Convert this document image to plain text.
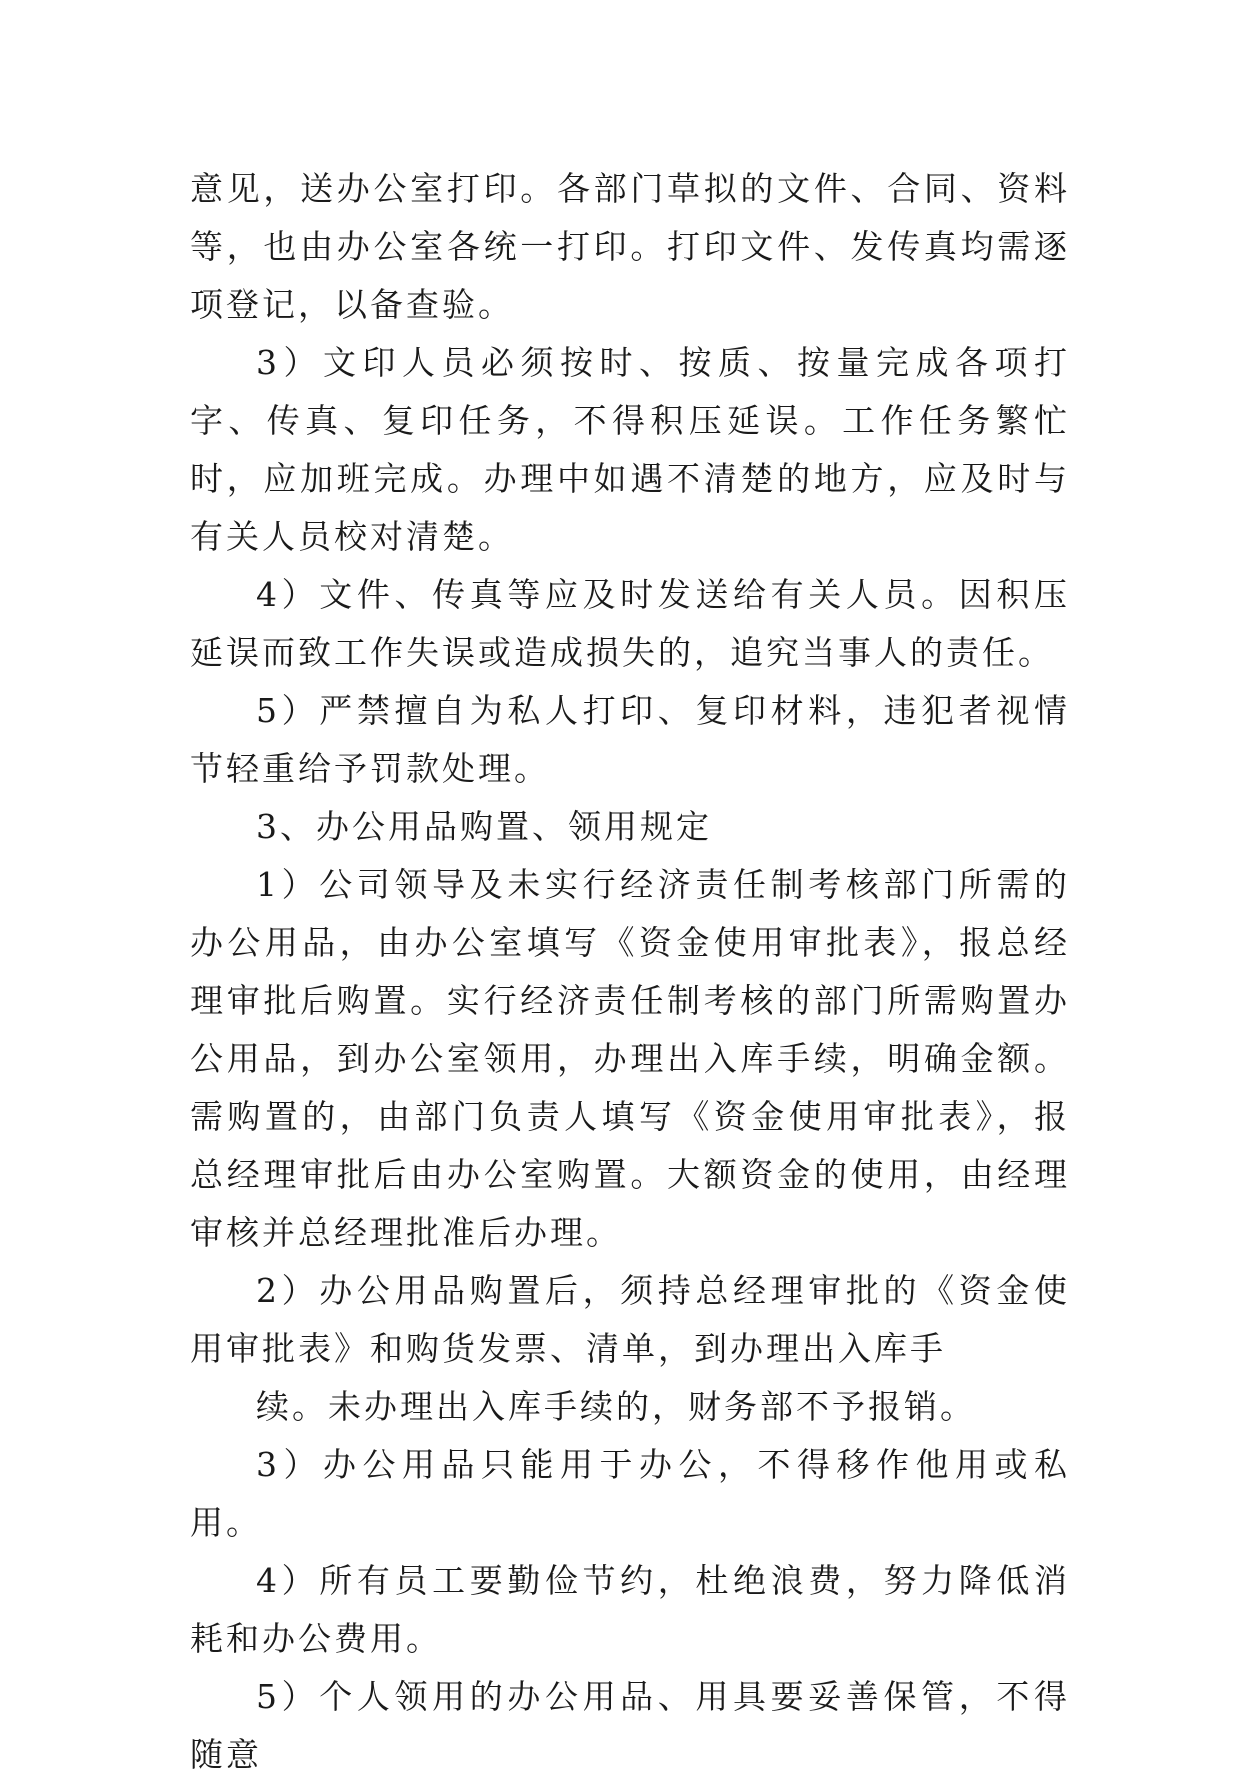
意见，送办公室打印。各部门草拟的文件、合同、资料等，也由办公室各统一打印。打印文件、发传真均需逐项登记，以备查验。

3）文印人员必须按时、按质、按量完成各项打字、传真、复印任务，不得积压延误。工作任务繁忙时，应加班完成。办理中如遇不清楚的地方，应及时与有关人员校对清楚。

4）文件、传真等应及时发送给有关人员。因积压延误而致工作失误或造成损失的，追究当事人的责任。

5）严禁擅自为私人打印、复印材料，违犯者视情节轻重给予罚款处理。

3、办公用品购置、领用规定

1）公司领导及未实行经济责任制考核部门所需的办公用品，由办公室填写《资金使用审批表》，报总经理审批后购置。实行经济责任制考核的部门所需购置办公用品，到办公室领用，办理出入库手续，明确金额。需购置的，由部门负责人填写《资金使用审批表》，报总经理审批后由办公室购置。大额资金的使用，由经理审核并总经理批准后办理。

2）办公用品购置后，须持总经理审批的《资金使用审批表》和购货发票、清单，到办理出入库手

续。未办理出入库手续的，财务部不予报销。

3）办公用品只能用于办公，不得移作他用或私用。

4）所有员工要勤俭节约，杜绝浪费，努力降低消耗和办公费用。

5）个人领用的办公用品、用具要妥善保管，不得随意
